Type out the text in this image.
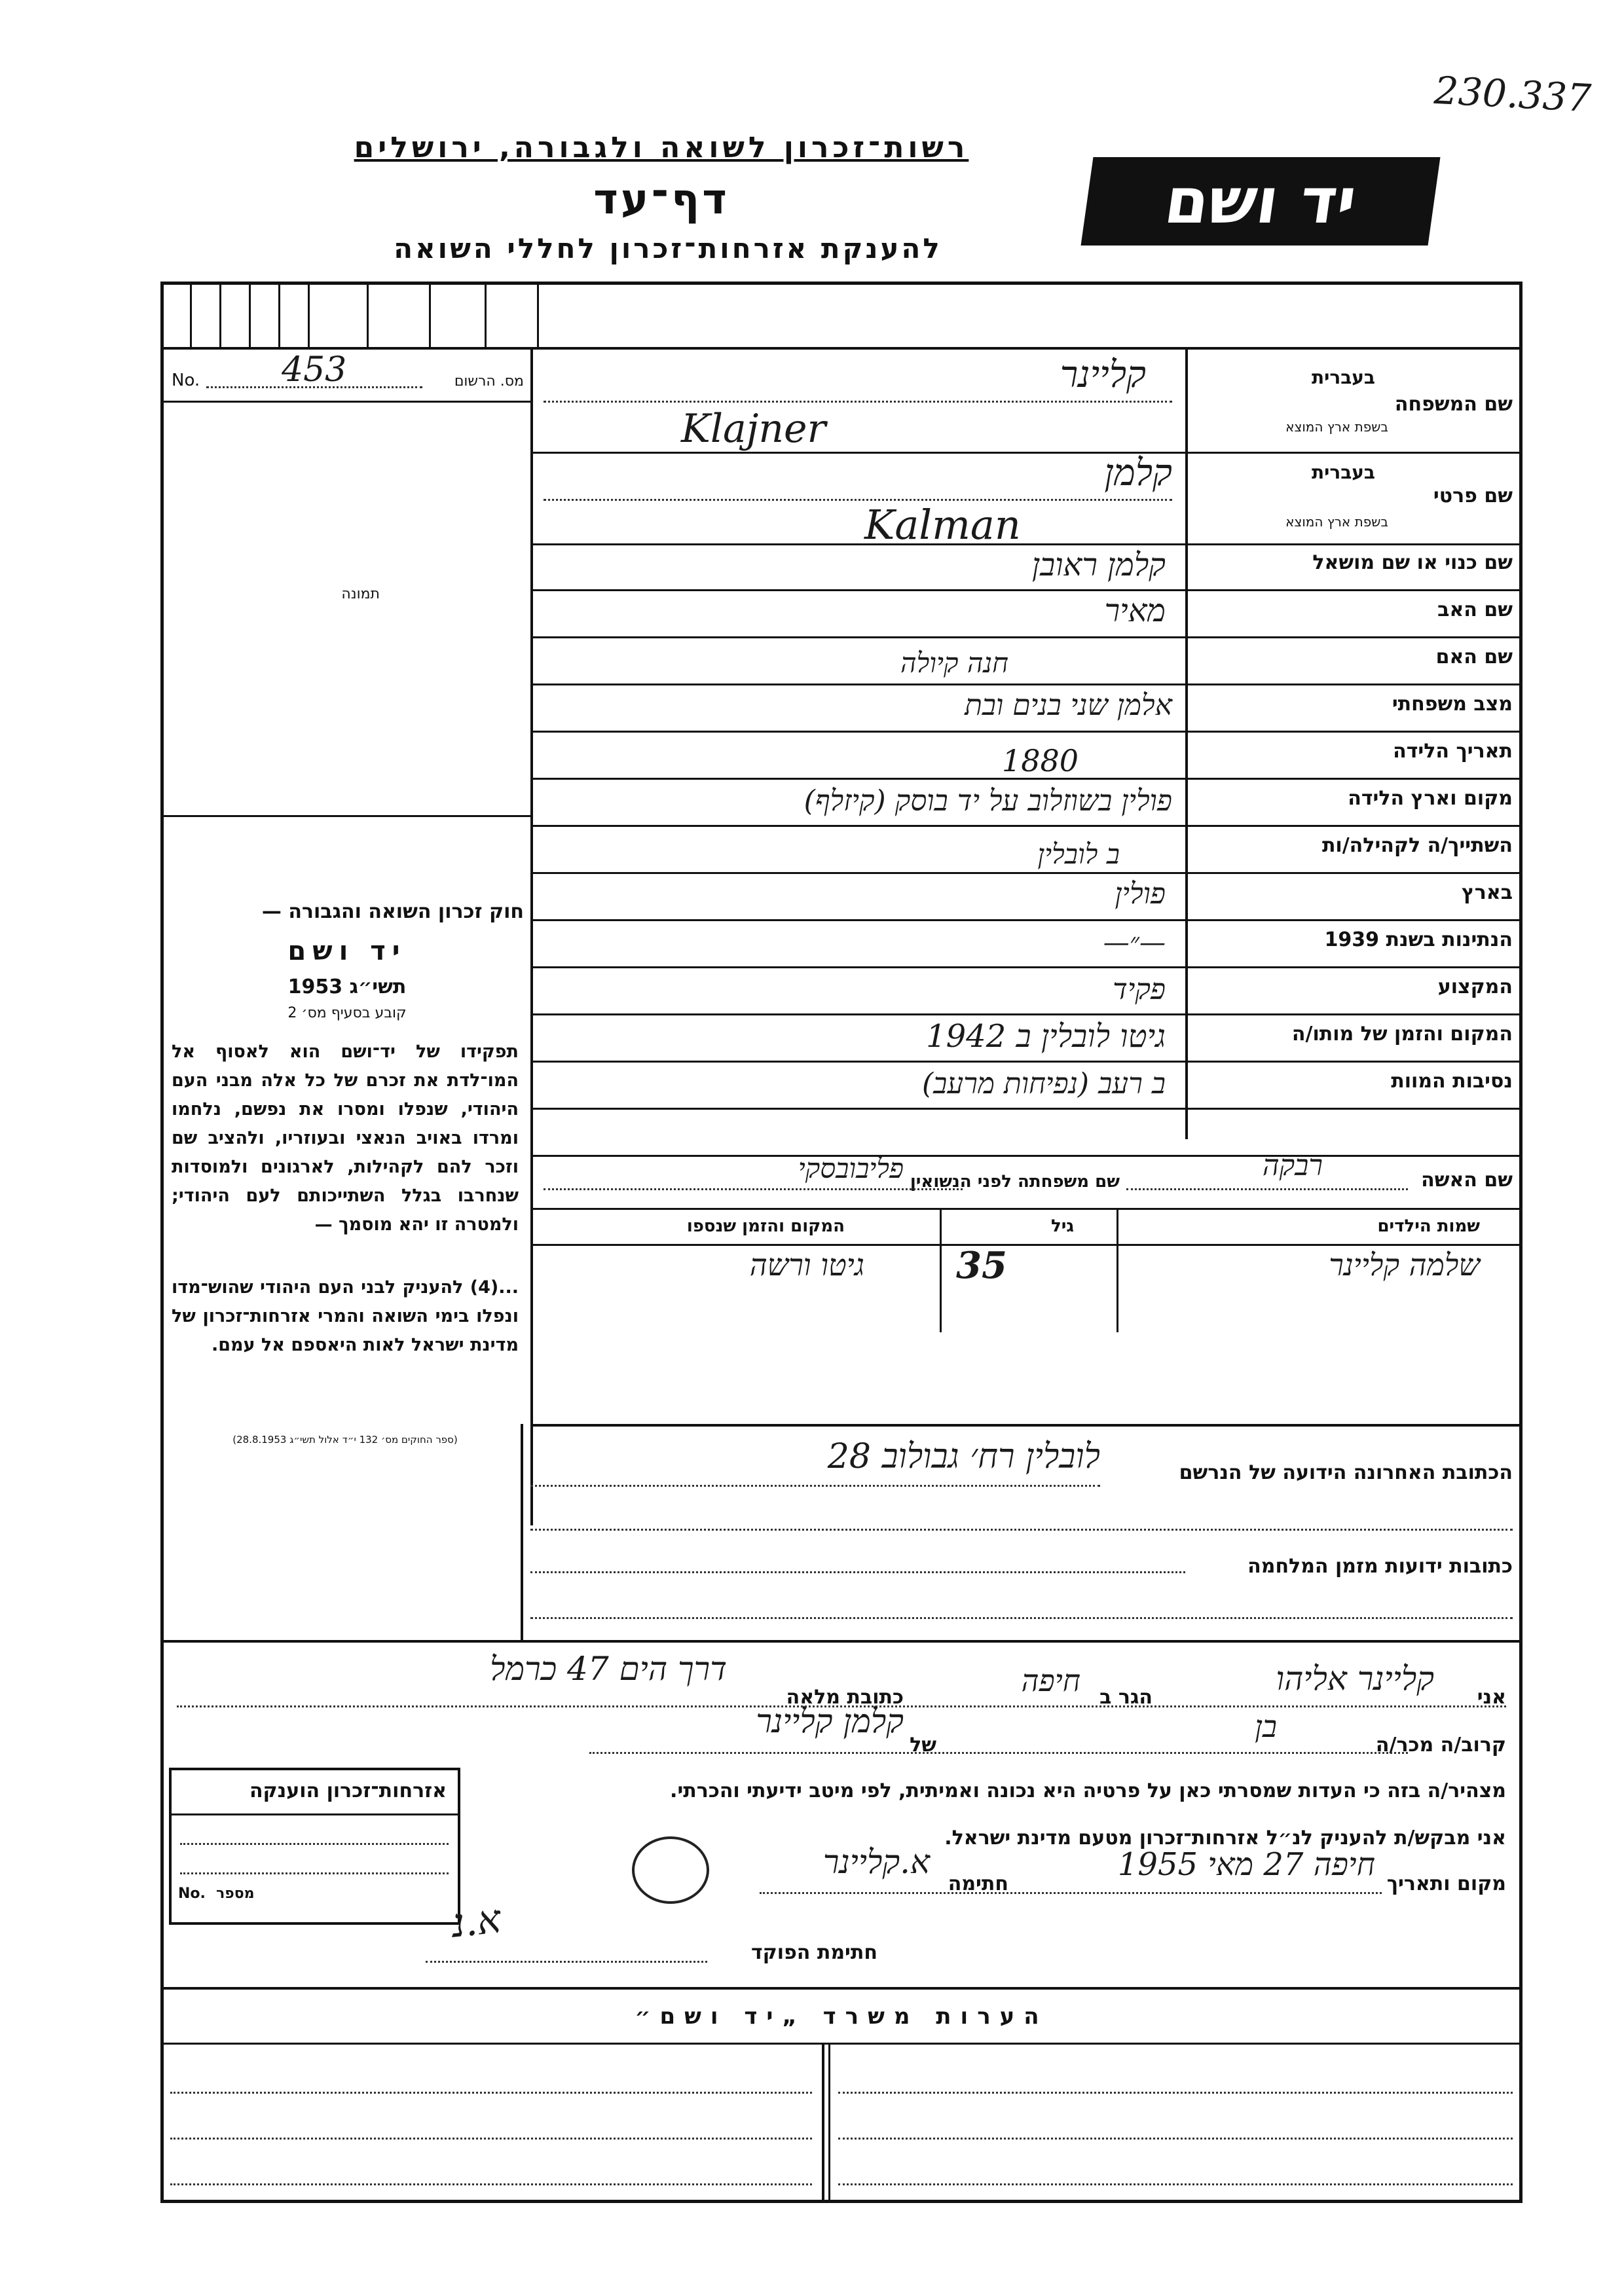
230.337
רשות־זכרון לשואה ולגבורה, ירושלים
דף־עד
להענקת אזרחות־זכרון לחללי השואה
יד ושם
No. 453	מס. הרשום
תמונה
חוק זכרון השואה והגבורה —
יד ושם
תשי״ג 1953
קובע בסעיף מס׳ 2
תפקידו של יד־ושם הוא לאסוף אל המו־לדת את זכרם של כל אלה מבני העם היהודי, שנפלו ומסרו את נפשם, נלחמו ומרדו באויב הנאצי ובעוזריו, ולהציב שם וזכר להם לקהילות, לארגונים ולמוסדות שנחרבו בגלל השתייכותם לעם היהודי; ולמטרה זו יהא מוסמך —
...(4) להעניק לבני העם היהודי שהוש־מדו ונפלו בימי השואה והמרי אזרחות־זכרון של מדינת ישראל לאות היאספם אל עמם.
(ספר החוקים מס׳ 132 י״ד אלול תשי״ג 28.8.1953)
שם המשפחה
בעברית
בשפת ארץ המוצא
קליינר
Klajner
שם פרטי
בעברית
בשפת ארץ המוצא
קלמן
Kalman
שם כנוי או שם מושאל
קלמן ראובן
שם האב
מאיר
שם האם
חנה קיולה
מצב משפחתי
אלמן שני בנים ובת
תאריך הלידה
1880
מקום וארץ הלידה
פולין בשוזלוב על יד בוסק (קיזלף)
השתייך/ה לקהילה/ות
ב לובלין
בארץ
פולין
הנתינות בשנת 1939
—״—
המקצוע
פקיד
המקום והזמן של מותו/ה
גיטו לובלין ב 1942
נסיבות המוות
ב רעב (נפיחות מרעב)
שם האשה
רבקה
שם משפחתה לפני הנשואין
פליבובסקי
שמות הילדים
גיל
המקום והזמן שנספו
שלמה קליינר
35
גיטו ורשה
הכתובת האחרונה הידועה של הנרשם
לובלין רח׳ גבולוב 28
כתובות ידועות מזמן המלחמה
אני
קליינר אליהו
הגר ב
חיפה
כתובת מלאה
דרך הים 47 כרמל
קרוב/ה מכר/ה
בן
של
קלמן קליינר
מצהיר/ה בזה כי העדות שמסרתי כאן על פרטיה היא נכונה ואמיתית, לפי מיטב ידיעתי והכרתי.
אני מבקש/ת להעניק לנ״ל אזרחות־זכרון מטעם מדינת ישראל.
מקום ותאריך
חיפה 27 מאי 1955
חתימה
א.קליינר
אזרחות־זכרון הוענקה
No. מספר
א.נ
חתימת הפוקד
הערות משרד „יד ושם״
